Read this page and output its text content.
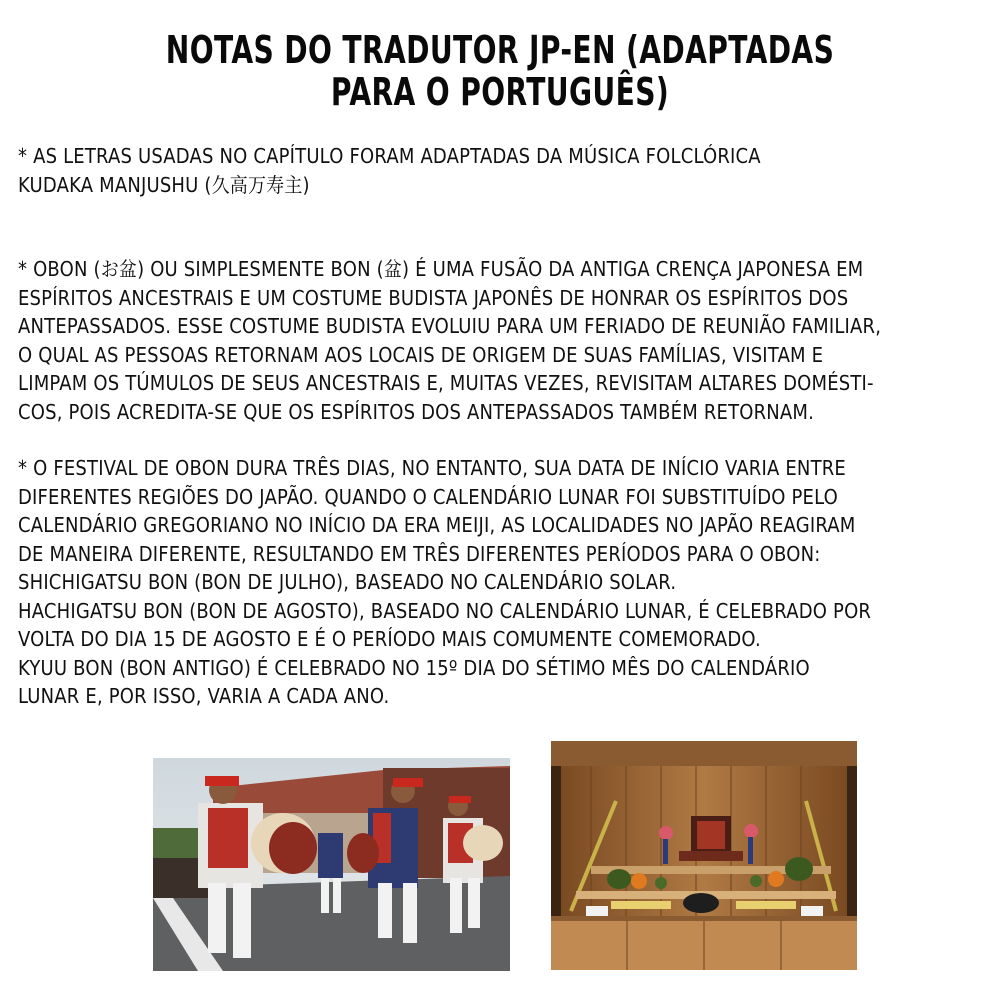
NOTAS DO TRADUTOR JP-EN (ADAPTADAS PARA O PORTUGUÊS)
* AS LETRAS USADAS NO CAPÍTULO FORAM ADAPTADAS DA MÚSICA FOLCLÓRICA
KUDAKA MANJUSHU (久高万寿主)
* OBON (お盆) OU SIMPLESMENTE BON (盆) É UMA FUSÃO DA ANTIGA CRENÇA JAPONESA EM
ESPÍRITOS ANCESTRAIS E UM COSTUME BUDISTA JAPONÊS DE HONRAR OS ESPÍRITOS DOS
ANTEPASSADOS. ESSE COSTUME BUDISTA EVOLUIU PARA UM FERIADO DE REUNIÃO FAMILIAR,
O QUAL AS PESSOAS RETORNAM AOS LOCAIS DE ORIGEM DE SUAS FAMÍLIAS, VISITAM E
LIMPAM OS TÚMULOS DE SEUS ANCESTRAIS E, MUITAS VEZES, REVISITAM ALTARES DOMÉSTI-
COS, POIS ACREDITA-SE QUE OS ESPÍRITOS DOS ANTEPASSADOS TAMBÉM RETORNAM.
* O FESTIVAL DE OBON DURA TRÊS DIAS, NO ENTANTO, SUA DATA DE INÍCIO VARIA ENTRE
DIFERENTES REGIÕES DO JAPÃO. QUANDO O CALENDÁRIO LUNAR FOI SUBSTITUÍDO PELO
CALENDÁRIO GREGORIANO NO INÍCIO DA ERA MEIJI, AS LOCALIDADES NO JAPÃO REAGIRAM
DE MANEIRA DIFERENTE, RESULTANDO EM TRÊS DIFERENTES PERÍODOS PARA O OBON:
SHICHIGATSU BON (BON DE JULHO), BASEADO NO CALENDÁRIO SOLAR.
HACHIGATSU BON (BON DE AGOSTO), BASEADO NO CALENDÁRIO LUNAR, É CELEBRADO POR
VOLTA DO DIA 15 DE AGOSTO E É O PERÍODO MAIS COMUMENTE COMEMORADO.
KYUU BON (BON ANTIGO) É CELEBRADO NO 15º DIA DO SÉTIMO MÊS DO CALENDÁRIO
LUNAR E, POR ISSO, VARIA A CADA ANO.
